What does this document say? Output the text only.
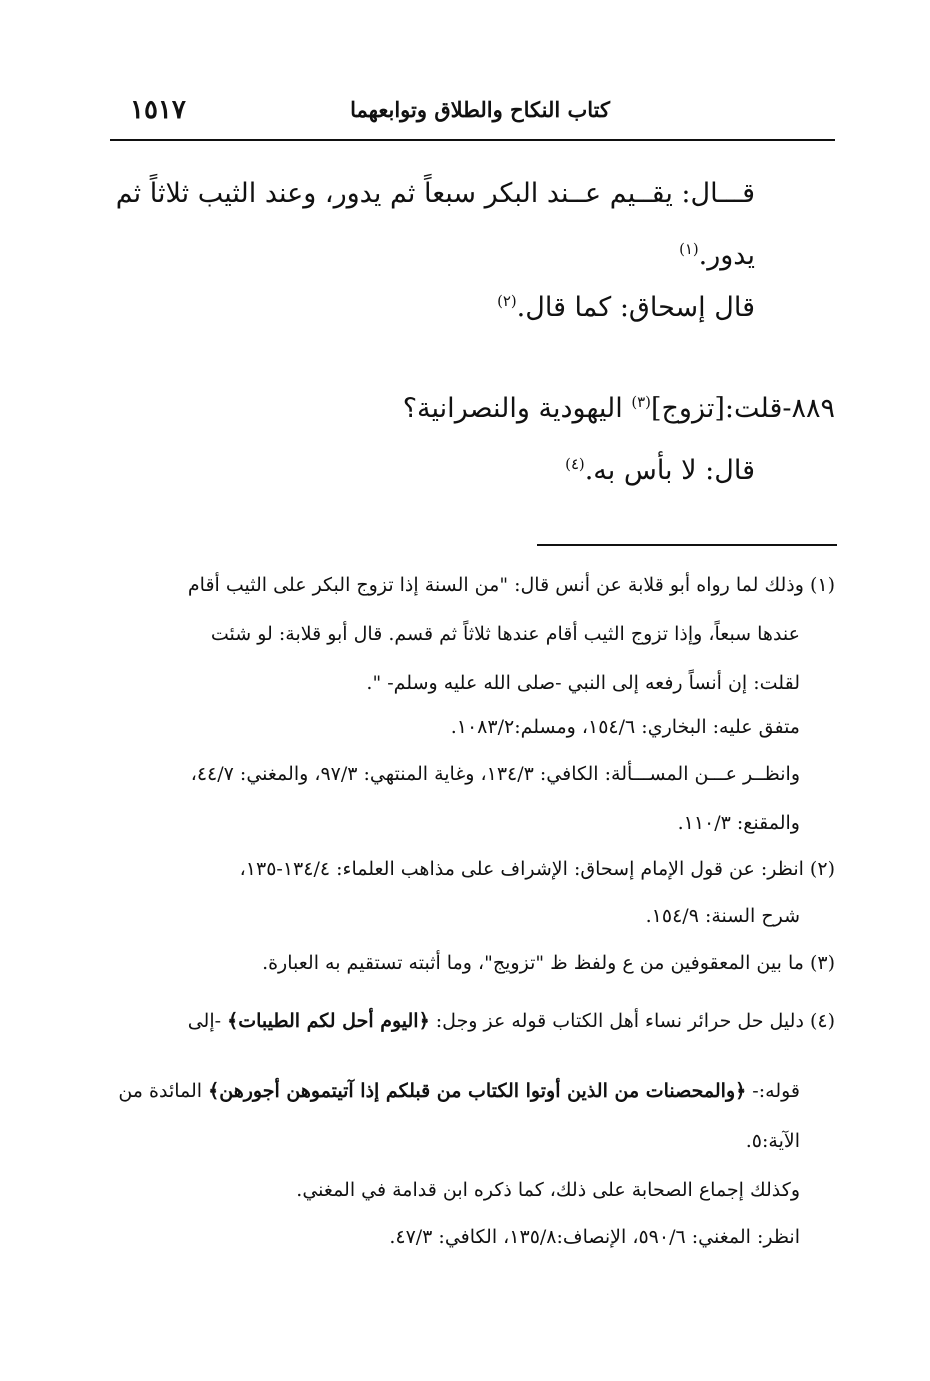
١٥١٧	كتاب النكاح والطلاق وتوابعهما
قـــال: يقــيم عــند البكر سبعاً ثم يدور، وعند الثيب ثلاثاً ثم
يدور.$^{(١)}$
قال إسحاق: كما قال.$^{(٢)}$
٨٨٩-قلت:[تزوج]$^{(٣)}$ اليهودية والنصرانية؟
قال: لا بأس به.$^{(٤)}$
(١) وذلك لما رواه أبو قلابة عن أنس قال: "من السنة إذا تزوج البكر على الثيب أقام
عندها سبعاً، وإذا تزوج الثيب أقام عندها ثلاثاً ثم قسم. قال أبو قلابة: لو شئت
لقلت: إن أنساً رفعه إلى النبي -صلى الله عليه وسلم- ".
متفق عليه: البخاري: ١٥٤/٦، ومسلم:١٠٨٣/٢.
وانظــر عـــن المســـألة: الكافي: ١٣٤/٣، وغاية المنتهي: ٩٧/٣، والمغني: ٤٤/٧،
والمقنع: ١١٠/٣.
(٢) انظر: عن قول الإمام إسحاق: الإشراف على مذاهب العلماء: ١٣٤/٤-١٣٥،
شرح السنة: ١٥٤/٩.
(٣) ما بين المعقوفين من ع ولفظ ظ "تزويج"، وما أثبته تستقيم به العبارة.
(٤) دليل حل حرائر نساء أهل الكتاب قوله عز وجل: ﴿اليوم أحل لكم الطيبات﴾ -إلى
قوله:- ﴿والمحصنات من الذين أوتوا الكتاب من قبلكم إذا آتيتموهن أجورهن﴾ المائدة من
الآية:٥.
وكذلك إجماع الصحابة على ذلك، كما ذكره ابن قدامة في المغني.
انظر: المغني: ٥٩٠/٦، الإنصاف:١٣٥/٨، الكافي: ٤٧/٣.
